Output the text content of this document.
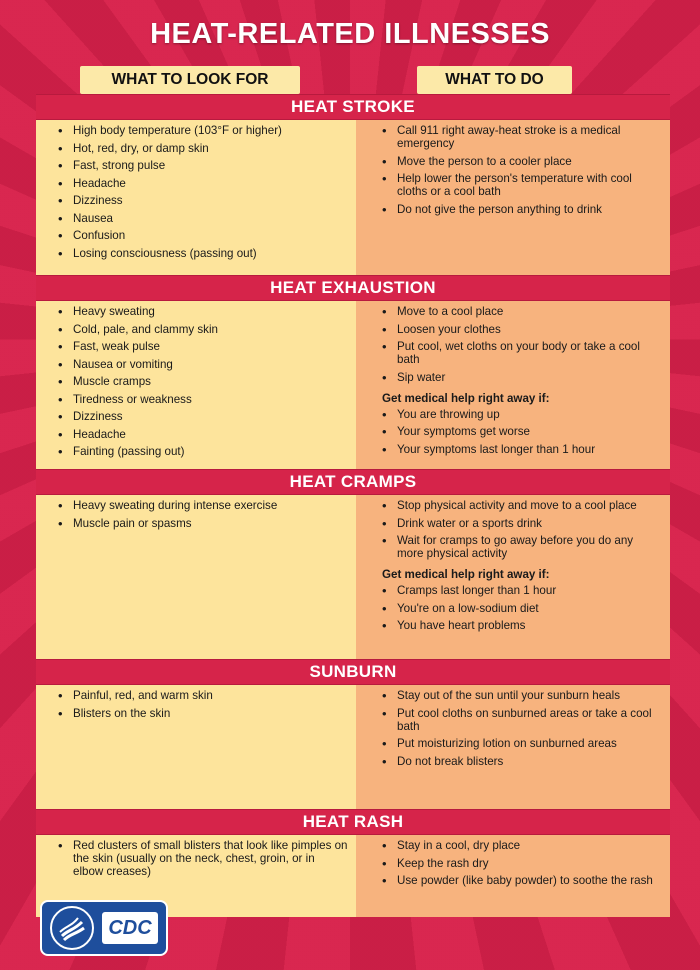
HEAT-RELATED ILLNESSES
WHAT TO LOOK FOR	WHAT TO DO
HEAT STROKE
• High body temperature (103°F or higher)
• Hot, red, dry, or damp skin
• Fast, strong pulse
• Headache
• Dizziness
• Nausea
• Confusion
• Losing consciousness (passing out)
• Call 911 right away-heat stroke is a medical emergency
• Move the person to a cooler place
• Help lower the person's temperature with cool cloths or a cool bath
• Do not give the person anything to drink
HEAT EXHAUSTION
• Heavy sweating
• Cold, pale, and clammy skin
• Fast, weak pulse
• Nausea or vomiting
• Muscle cramps
• Tiredness or weakness
• Dizziness
• Headache
• Fainting (passing out)
• Move to a cool place
• Loosen your clothes
• Put cool, wet cloths on your body or take a cool bath
• Sip water
Get medical help right away if:
• You are throwing up
• Your symptoms get worse
• Your symptoms last longer than 1 hour
HEAT CRAMPS
• Heavy sweating during intense exercise
• Muscle pain or spasms
• Stop physical activity and move to a cool place
• Drink water or a sports drink
• Wait for cramps to go away before you do any more physical activity
Get medical help right away if:
• Cramps last longer than 1 hour
• You're on a low-sodium diet
• You have heart problems
SUNBURN
• Painful, red, and warm skin
• Blisters on the skin
• Stay out of the sun until your sunburn heals
• Put cool cloths on sunburned areas or take a cool bath
• Put moisturizing lotion on sunburned areas
• Do not break blisters
HEAT RASH
• Red clusters of small blisters that look like pimples on the skin (usually on the neck, chest, groin, or in elbow creases)
• Stay in a cool, dry place
• Keep the rash dry
• Use powder (like baby powder) to soothe the rash
CDC
